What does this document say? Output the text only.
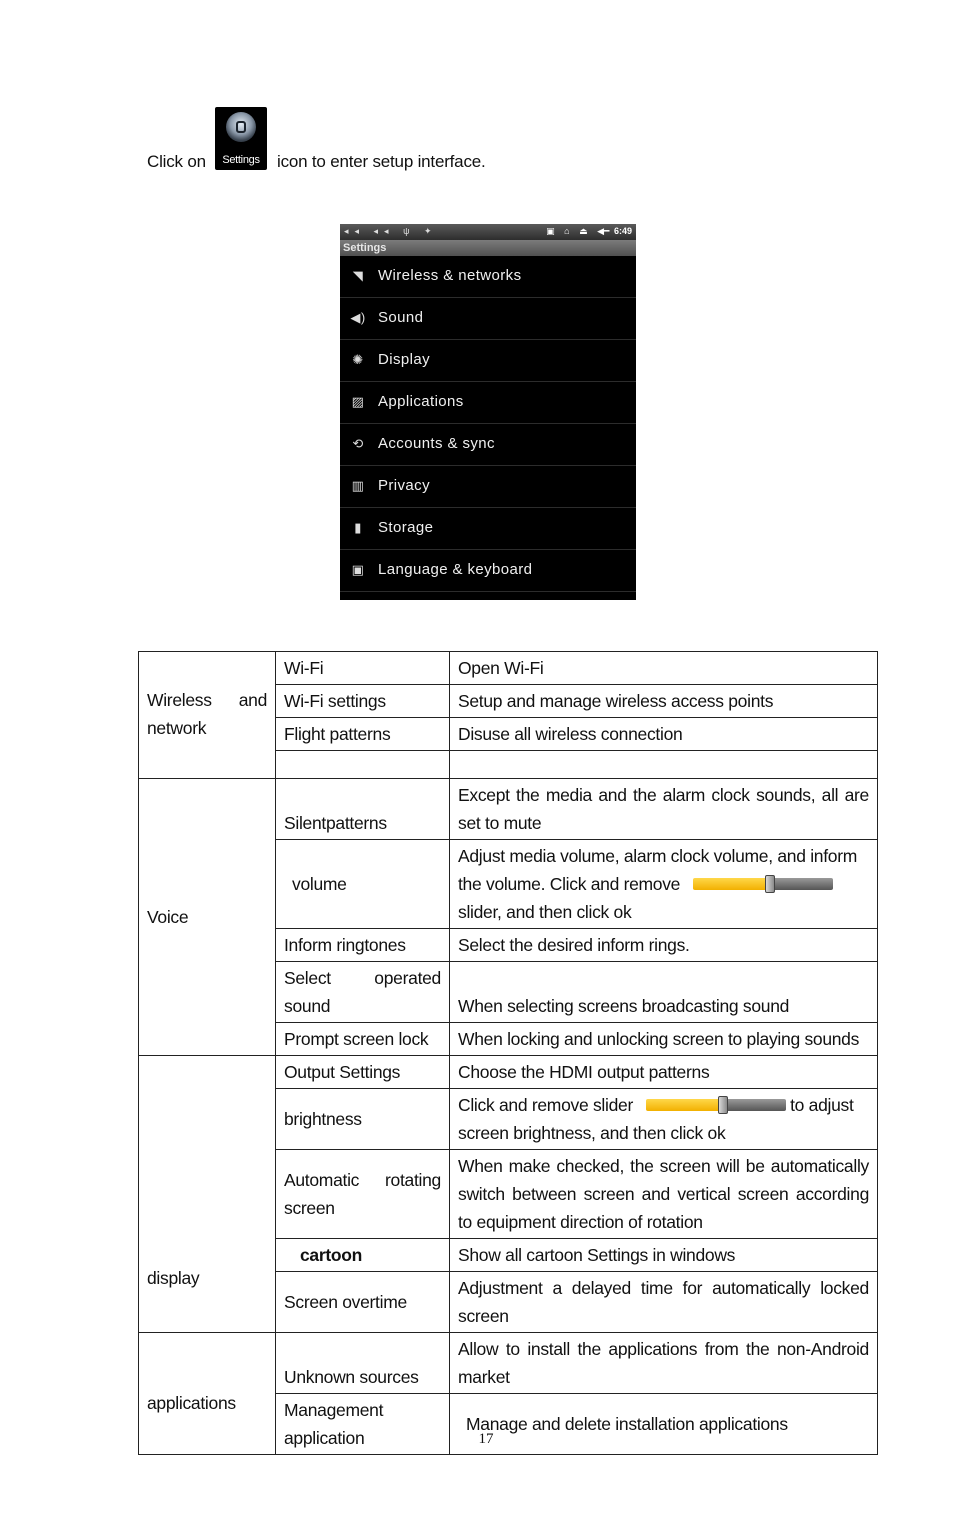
Click on	Settings	icon to enter setup interface.
◂◂ ◂◂ ψ ✦	▣ ⌂ ⏏ ◀━ 6:49
Settings
◥ Wireless & networks
◀) Sound
✺ Display
▨ Applications
⟲ Accounts & sync
▥ Privacy
▮	Storage
▣ Language & keyboard
Wireless and network	Wi-Fi	Open Wi-Fi
	Wi-Fi settings	Setup and manage wireless access points
	Flight patterns	Disuse all wireless connection

Voice	Silentpatterns	Except the media and the alarm clock sounds, all are set to mute
	volume	Adjust media volume, alarm clock volume, and inform the volume. Click and remove

slider, and then click ok
	Inform ringtones	Select the desired inform rings.
	Select operated sound	When selecting screens broadcasting sound
	Prompt screen lock	When locking and unlocking screen to playing sounds
display	Output Settings	Choose the HDMI output patterns
	brightness	Click and remove slider to adjust screen brightness, and then click ok
	Automatic rotating screen	When make checked, the screen will be automatically switch between screen and vertical screen according to equipment direction of rotation
	cartoon	Show all cartoon Settings in windows
	Screen overtime	Adjustment a delayed time for automatically locked screen
applications	Unknown sources	Allow to install the applications from the non-Android market
	Management application	Manage and delete installation applications
17
